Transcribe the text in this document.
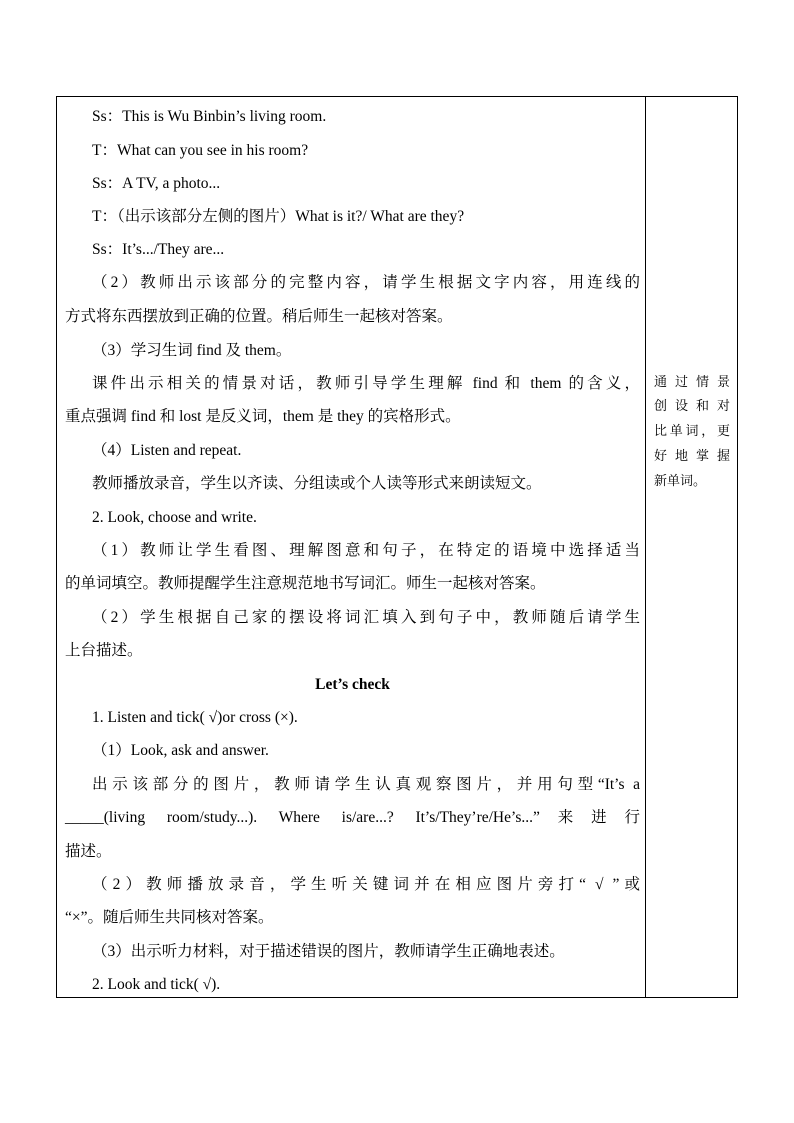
Ss：This is Wu Binbin’s living room.
T：What can you see in his room?
Ss：A TV, a photo...
T：（出示该部分左侧的图片）What is it?/ What are they?
Ss：It’s.../They are...
（2）教师出示该部分的完整内容，请学生根据文字内容，用连线的
方式将东西摆放到正确的位置。稍后师生一起核对答案。
（3）学习生词 find 及 them。
课件出示相关的情景对话，教师引导学生理解 find 和 them 的含义，
重点强调 find 和 lost 是反义词，them 是 they 的宾格形式。
（4）Listen and repeat.
教师播放录音，学生以齐读、分组读或个人读等形式来朗读短文。
2. Look, choose and write.
（1）教师让学生看图、理解图意和句子，在特定的语境中选择适当
的单词填空。教师提醒学生注意规范地书写词汇。师生一起核对答案。
（2）学生根据自己家的摆设将词汇填入到句子中，教师随后请学生
上台描述。
Let’s check
1. Listen and tick( √)or cross (×).
（1）Look, ask and answer.
出示该部分的图片，教师请学生认真观察图片，并用句型“It’s a
_____(living room/study...). Where is/are...? It’s/They’re/He’s...”来进行
描述。
（2）教师播放录音，学生听关键词并在相应图片旁打“ √ ”或
“×”。随后师生共同核对答案。
（3）出示听力材料，对于描述错误的图片，教师请学生正确地表述。
2. Look and tick( √).
通过情景
创设和对
比单词，更
好地掌握
新单词。
